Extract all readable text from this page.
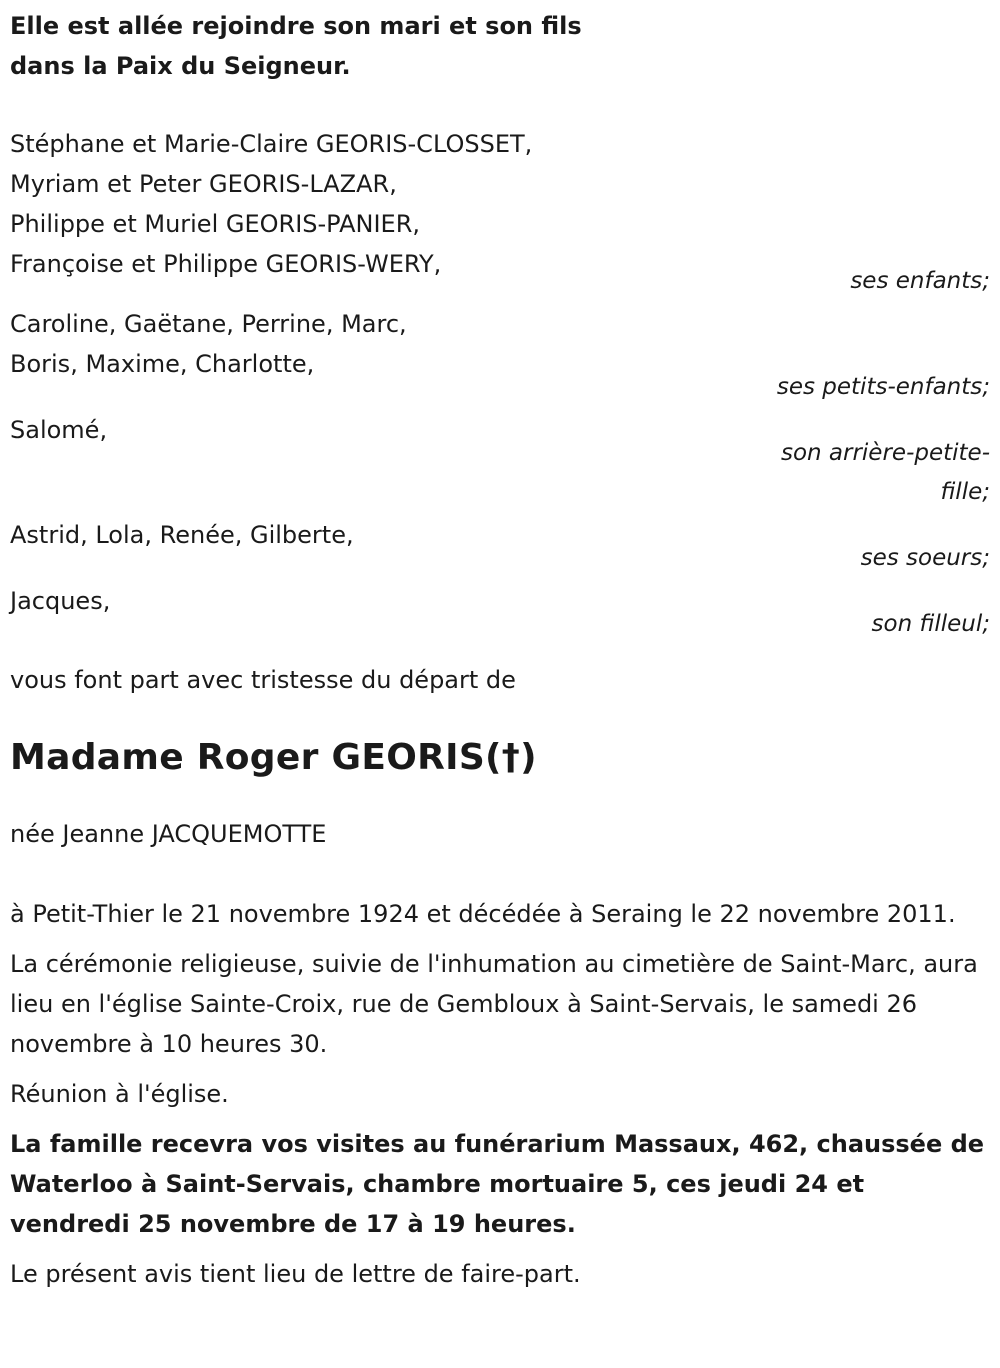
Elle est allée rejoindre son mari et son fils
dans la Paix du Seigneur.
Stéphane et Marie-Claire GEORIS-CLOSSET,
Myriam et Peter GEORIS-LAZAR,
Philippe et Muriel GEORIS-PANIER,
Françoise et Philippe GEORIS-WERY,
ses enfants;
Caroline, Gaëtane, Perrine, Marc,
Boris, Maxime, Charlotte,
ses petits-enfants;
Salomé,
son arrière-petite-fille;
Astrid, Lola, Renée, Gilberte,
ses soeurs;
Jacques,
son filleul;
vous font part avec tristesse du départ de
Madame Roger GEORIS(†)
née Jeanne JACQUEMOTTE
à Petit-Thier le 21 novembre 1924 et décédée à Seraing le 22 novembre 2011.
La cérémonie religieuse, suivie de l'inhumation au cimetière de Saint-Marc, aura lieu en l'église Sainte-Croix, rue de Gembloux à Saint-Servais, le samedi 26 novembre à 10 heures 30.
Réunion à l'église.
La famille recevra vos visites au funérarium Massaux, 462, chaussée de Waterloo à Saint-Servais, chambre mortuaire 5, ces jeudi 24 et vendredi 25 novembre de 17 à 19 heures.
Le présent avis tient lieu de lettre de faire-part.
